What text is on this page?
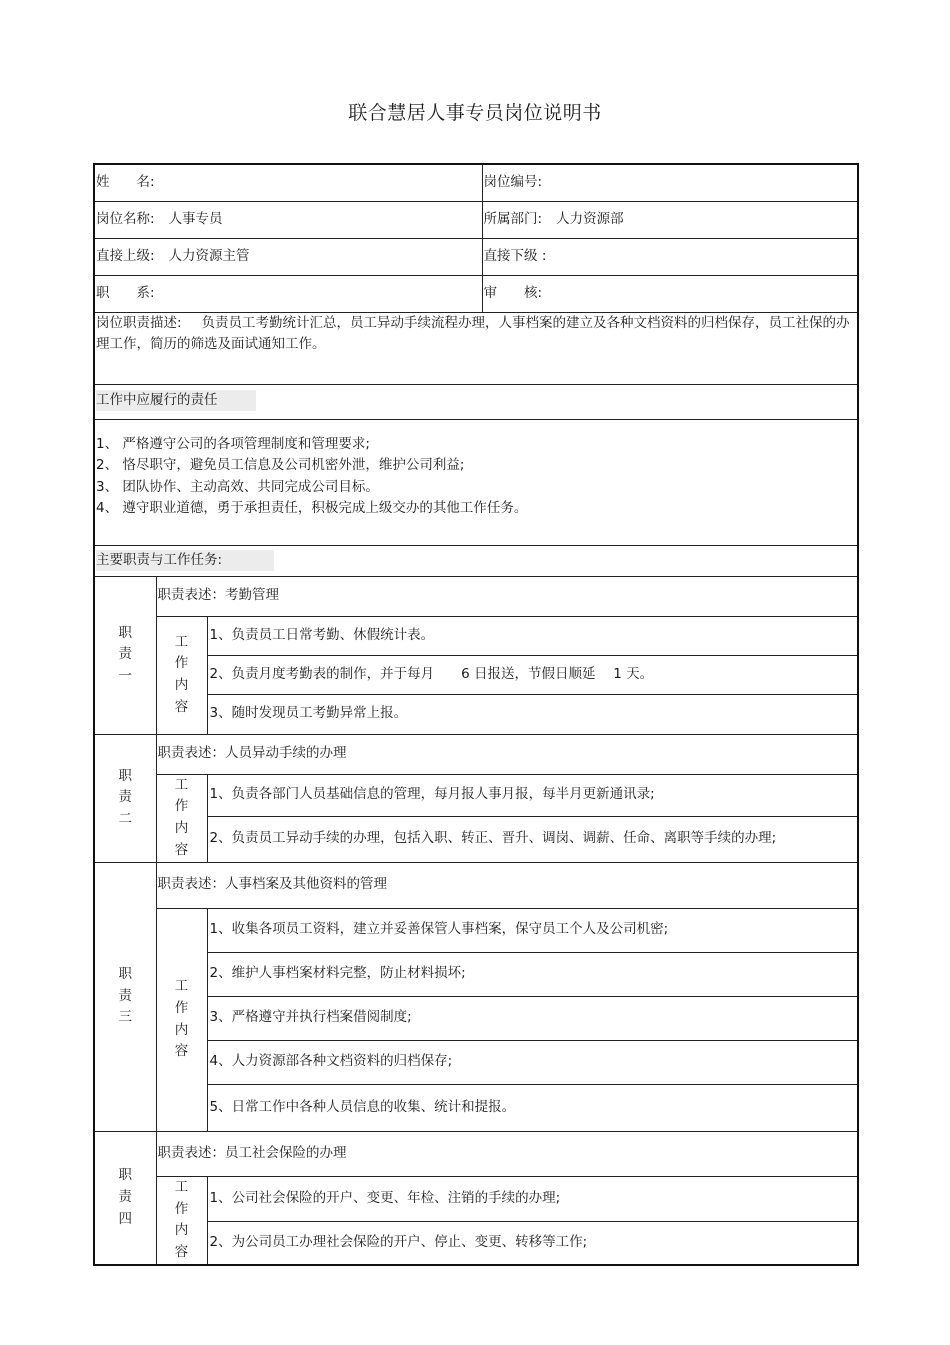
联合慧居人事专员岗位说明书
姓　　名:			岗位编号:
岗位名称: 人事专员			所属部门: 人力资源部
直接上级: 人力资源主管			直接下级 :
职　　系:			审　　核:
岗位职责描述: 负责员工考勤统计汇总，员工异动手续流程办理，人事档案的建立及各种文档资料的归档保存，员工社保的办理工作，简历的筛选及面试通知工作。			
工作中应履行的责任			

1、 严格遵守公司的各项管理制度和管理要求;
2、 恪尽职守，避免员工信息及公司机密外泄，维护公司利益;
3、 团队协作、主动高效、共同完成公司目标。
4、 遵守职业道德，勇于承担责任，积极完成上级交办的其他工作任务。			

主要职责与工作任务:			

职
责
一	职责表述：考勤管理		

	工
作
内
容	1、负责员工日常考勤、休假统计表。	
		2、负责月度考勤表的制作，并于每月　　6 日报送，节假日顺延　 1 天。	
		3、随时发现员工考勤异常上报。	

职
责
二	职责表述：人员异动手续的办理		

	工
作
内
容	1、负责各部门人员基础信息的管理，每月报人事月报，每半月更新通讯录;	
		2、负责员工异动手续的办理，包括入职、转正、晋升、调岗、调薪、任命、离职等手续的办理;	

职
责
三	职责表述：人事档案及其他资料的管理		

	工
作
内
容	1、收集各项员工资料，建立并妥善保管人事档案，保守员工个人及公司机密;	
		2、维护人事档案材料完整，防止材料损坏;	
		3、严格遵守并执行档案借阅制度;	
		4、人力资源部各种文档资料的归档保存;	
		5、日常工作中各种人员信息的收集、统计和提报。	

职
责
四	职责表述：员工社会保险的办理		

	工
作
内
容	1、公司社会保险的开户、变更、年检、注销的手续的办理;	
		2、为公司员工办理社会保险的开户、停止、变更、转移等工作;	
